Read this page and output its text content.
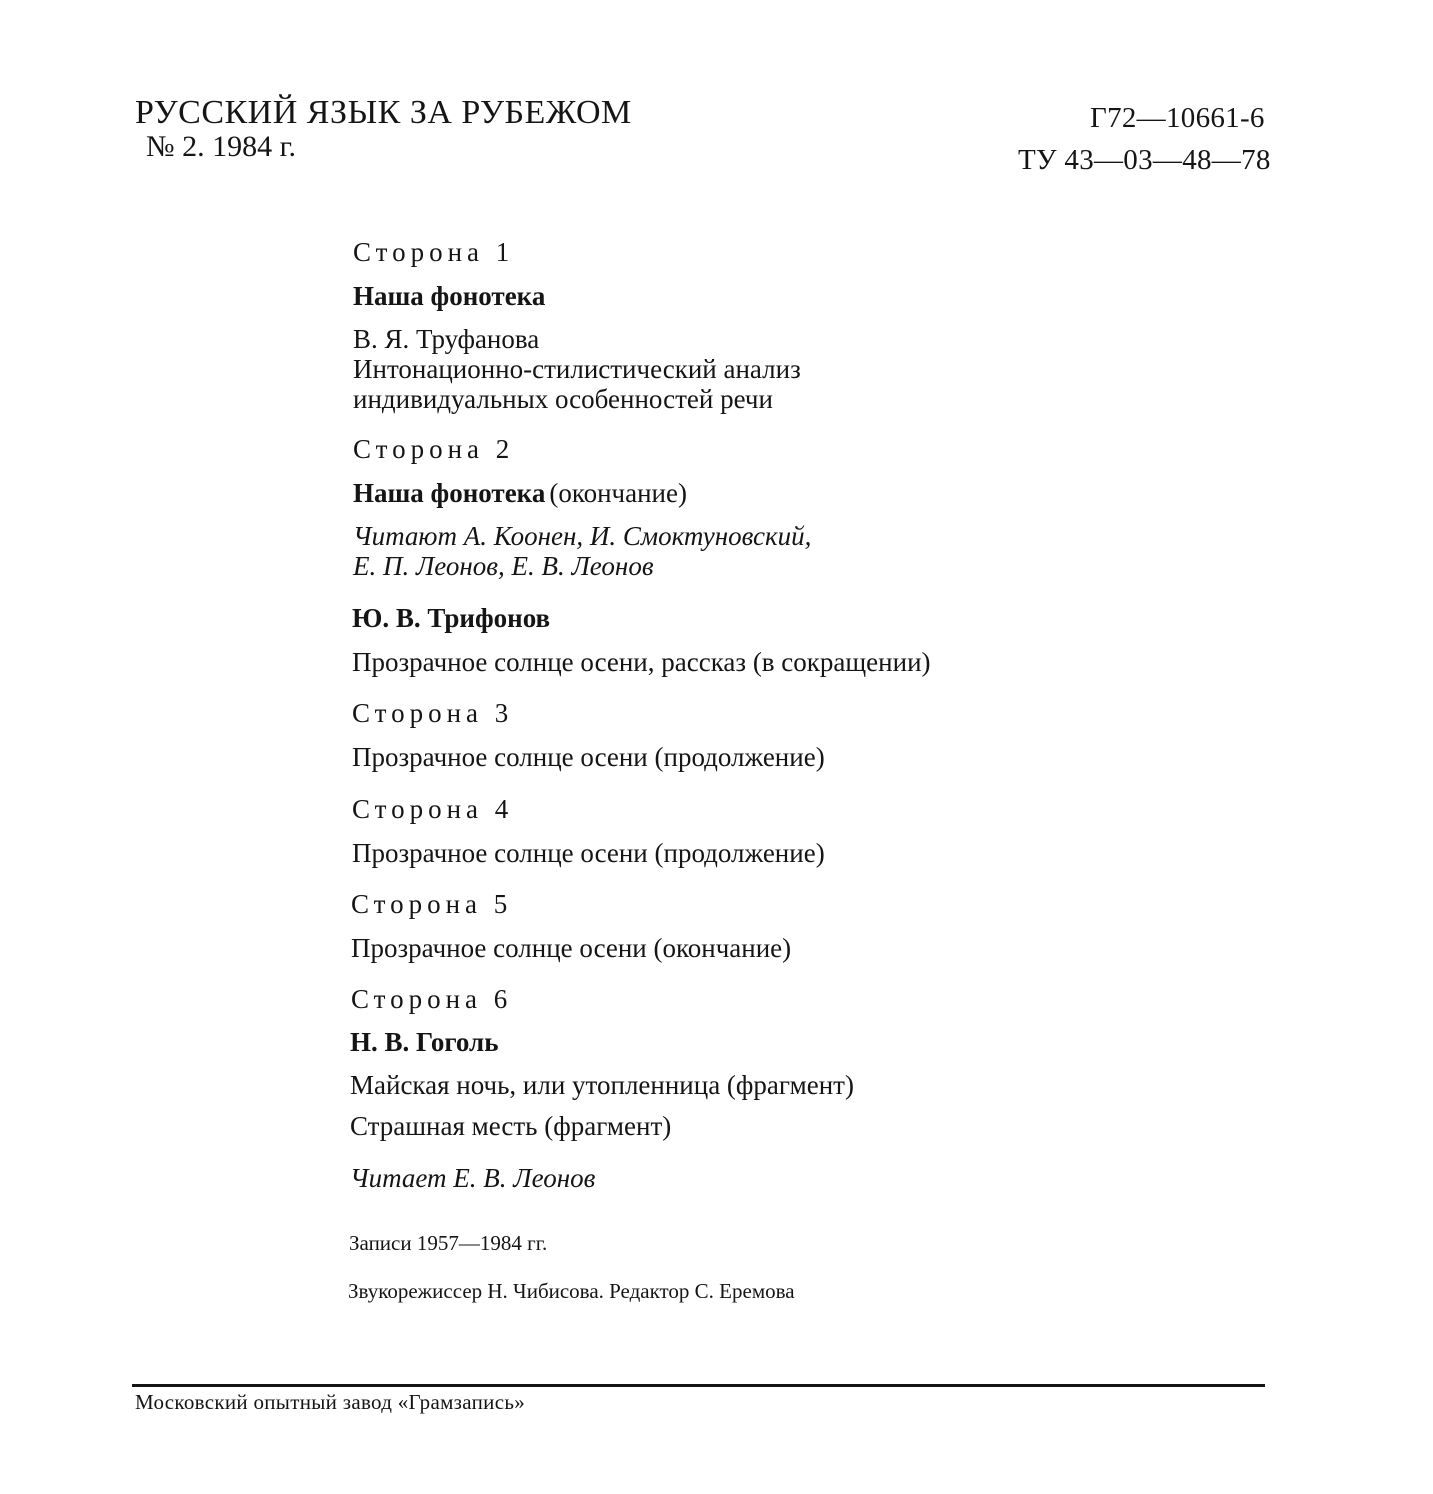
РУССКИЙ ЯЗЫК ЗА РУБЕЖОМ
№ 2. 1984 г.
Г72—10661-6
ТУ 43—03—48—78
Сторона 1
Наша фонотека
В. Я. Труфанова
Интонационно-стилистический анализ
индивидуальных особенностей речи
Сторона 2
Наша фонотека (окончание)
Читают А. Коонен, И. Смоктуновский,
Е. П. Леонов, Е. В. Леонов
Ю. В. Трифонов
Прозрачное солнце осени, рассказ (в сокращении)
Сторона 3
Прозрачное солнце осени (продолжение)
Сторона 4
Прозрачное солнце осени (продолжение)
Сторона 5
Прозрачное солнце осени (окончание)
Сторона 6
Н. В. Гоголь
Майская ночь, или утопленница (фрагмент)
Страшная месть (фрагмент)
Читает Е. В. Леонов
Записи 1957—1984 гг.
Звукорежиссер Н. Чибисова. Редактор С. Еремова
Московский опытный завод «Грамзапись»
